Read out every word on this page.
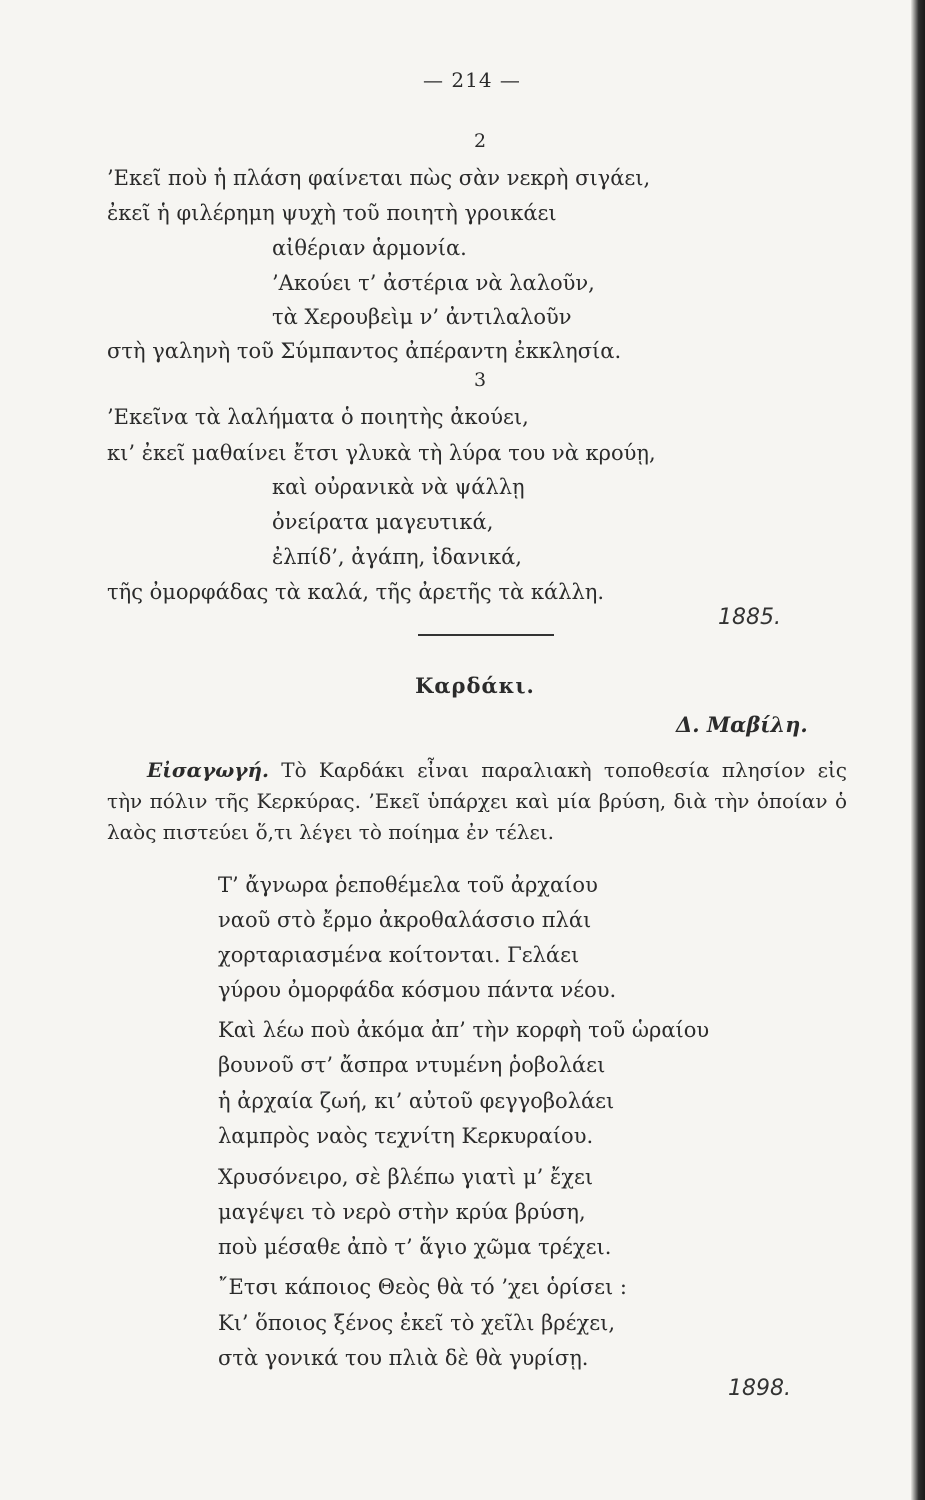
— 214 —
2
’Εκεῖ ποὺ ἡ πλάση φαίνεται πὼς σὰν νεκρὴ σιγάει,
ἐκεῖ ἡ φιλέρημη ψυχὴ τοῦ ποιητὴ γροικάει
αἰθέριαν ἁρμονία.
’Ακούει τ’ ἀστέρια νὰ λαλοῦν,
τὰ Χερουβεὶμ ν’ ἀντιλαλοῦν
στὴ γαληνὴ τοῦ Σύμπαντος ἀπέραντη ἐκκλησία.
3
’Εκεῖνα τὰ λαλήματα ὁ ποιητὴς ἀκούει,
κι’ ἐκεῖ μαθαίνει ἔτσι γλυκὰ τὴ λύρα του νὰ κρούῃ,
καὶ οὐρανικὰ νὰ ψάλλῃ
ὀνείρατα μαγευτικά,
ἐλπίδ’, ἀγάπη, ἰδανικά,
τῆς ὀμορφάδας τὰ καλά, τῆς ἀρετῆς τὰ κάλλη.
1885.
Καρδάκι.
Δ. Μαβίλη.
Εἰσαγωγή. Τὸ Καρδάκι εἶναι παραλιακὴ τοποθεσία πλησίον εἰς τὴν πόλιν τῆς Κερκύρας. ’Εκεῖ ὑπάρχει καὶ μία βρύση, διὰ τὴν ὁποίαν ὁ λαὸς πιστεύει ὅ,τι λέγει τὸ ποίημα ἐν τέλει.
Τ’ ἄγνωρα ῥεποθέμελα τοῦ ἀρχαίου
ναοῦ στὸ ἔρμο ἀκροθαλάσσιο πλάι
χορταριασμένα κοίτονται. Γελάει
γύρου ὀμορφάδα κόσμου πάντα νέου.
Καὶ λέω ποὺ ἀκόμα ἀπ’ τὴν κορφὴ τοῦ ὡραίου
βουνοῦ στ’ ἄσπρα ντυμένη ῥοβολάει
ἡ ἀρχαία ζωή, κι’ αὐτοῦ φεγγοβολάει
λαμπρὸς ναὸς τεχνίτη Κερκυραίου.
Χρυσόνειρο, σὲ βλέπω γιατὶ μ’ ἔχει
μαγέψει τὸ νερὸ στὴν κρύα βρύση,
ποὺ μέσαθε ἀπὸ τ’ ἅγιο χῶμα τρέχει.
῎Ετσι κάποιος Θεὸς θὰ τό ’χει ὁρίσει :
Κι’ ὅποιος ξένος ἐκεῖ τὸ χεῖλι βρέχει,
στὰ γονικά του πλιὰ δὲ θὰ γυρίσῃ.
1898.
